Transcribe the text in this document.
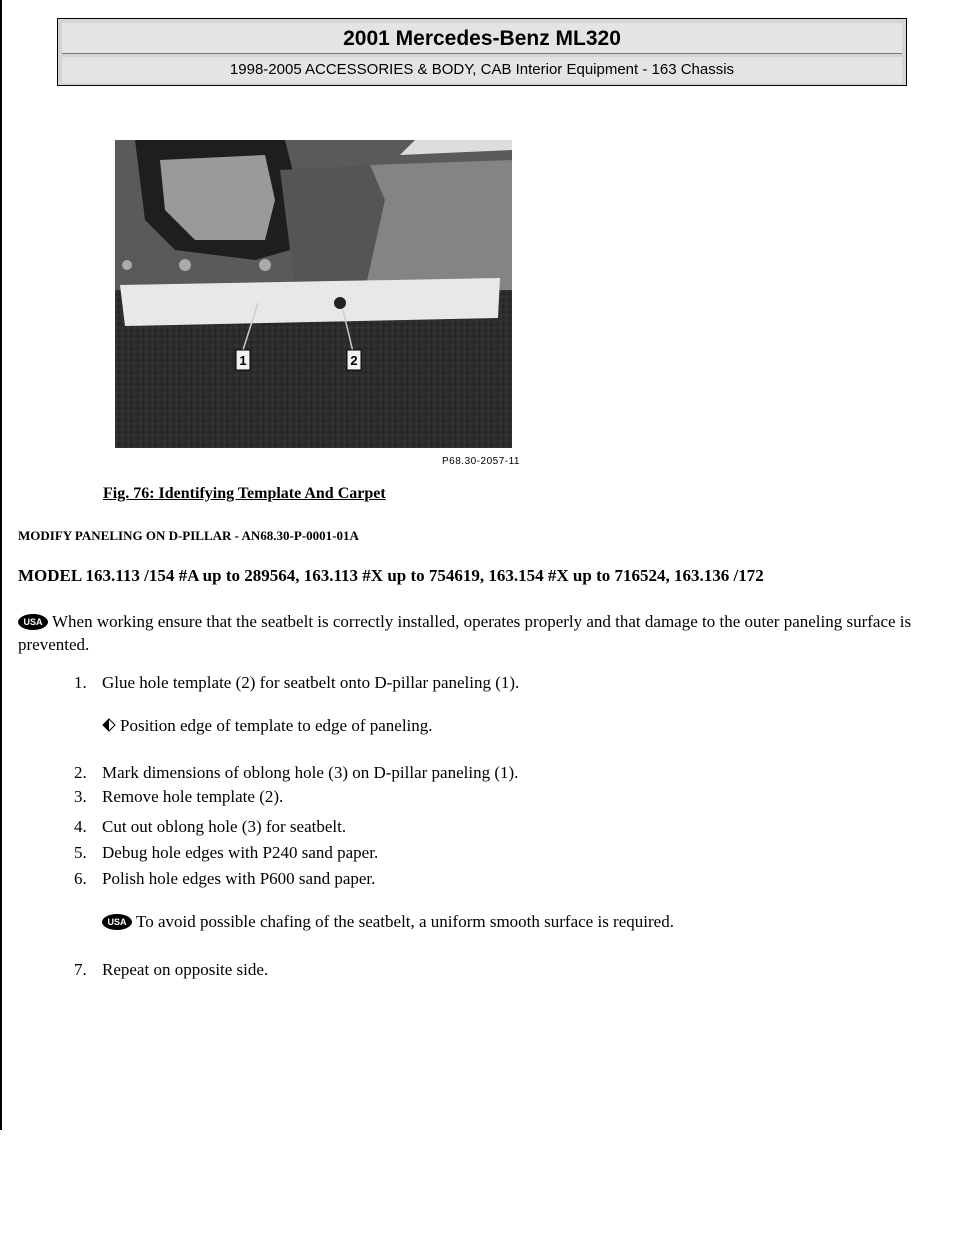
2001 Mercedes-Benz ML320
1998-2005 ACCESSORIES & BODY, CAB Interior Equipment - 163 Chassis
1	2
P68.30-2057-11
Fig. 76: Identifying Template And Carpet
MODIFY PANELING ON D-PILLAR - AN68.30-P-0001-01A
MODEL 163.113 /154 #A up to 289564, 163.113 #X up to 754619, 163.154 #X up to 716524, 163.136 /172
USA When working ensure that the seatbelt is correctly installed, operates properly and that damage to the outer paneling surface is prevented.
1. Glue hole template (2) for seatbelt onto D-pillar paneling (1).
Position edge of template to edge of paneling.
2. Mark dimensions of oblong hole (3) on D-pillar paneling (1).
3. Remove hole template (2).
4. Cut out oblong hole (3) for seatbelt.
5. Debug hole edges with P240 sand paper.
6. Polish hole edges with P600 sand paper.
USA To avoid possible chafing of the seatbelt, a uniform smooth surface is required.
7. Repeat on opposite side.
